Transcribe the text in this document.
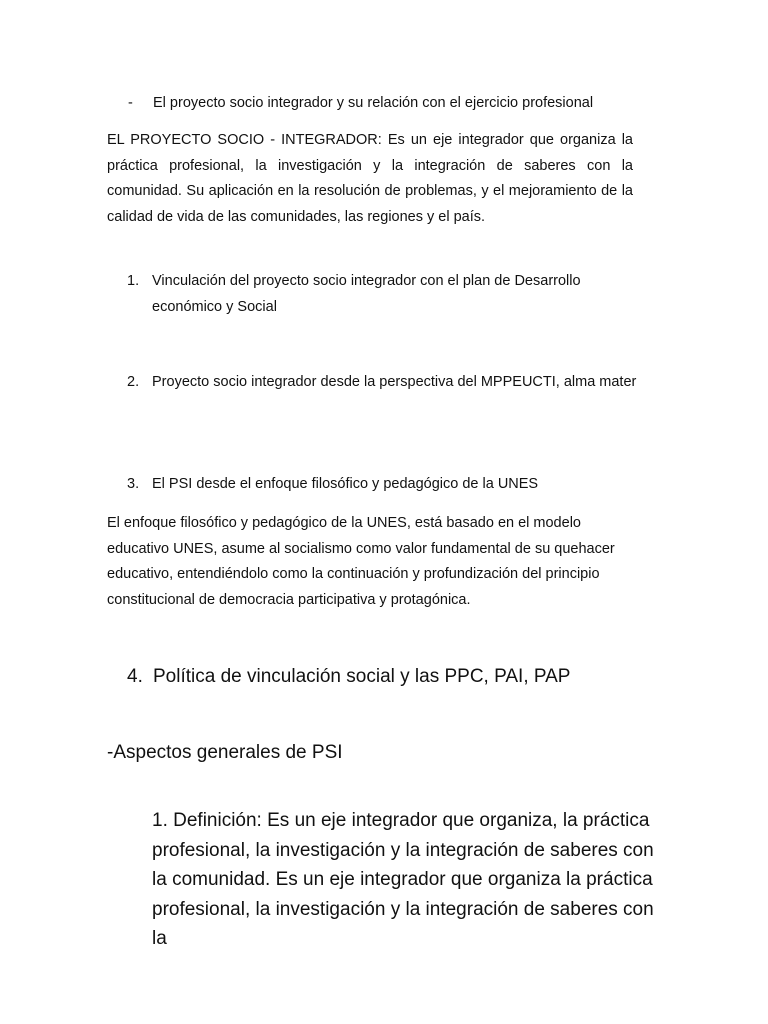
-	El proyecto socio integrador y su relación con el ejercicio profesional
EL PROYECTO SOCIO - INTEGRADOR: Es un eje integrador que organiza la práctica profesional, la investigación y la integración de saberes con la comunidad. Su aplicación en la resolución de problemas, y el mejoramiento de la calidad de vida de las comunidades, las regiones y el país.
1. Vinculación del proyecto socio integrador con el plan de Desarrollo económico y Social
2. Proyecto socio integrador desde la perspectiva del MPPEUCTI, alma mater
3. El PSI desde el enfoque filosófico y pedagógico de la UNES
El enfoque filosófico y pedagógico de la UNES, está basado en el modelo educativo UNES, asume al socialismo como valor fundamental de su quehacer educativo, entendiéndolo como la continuación y profundización del principio constitucional de democracia participativa y protagónica.
4. Política de vinculación social y las PPC, PAI, PAP
-Aspectos generales de PSI
1. Definición: Es un eje integrador que organiza, la práctica profesional, la investigación y la integración de saberes con la comunidad. Es un eje integrador que organiza la práctica profesional, la investigación y la integración de saberes con la
